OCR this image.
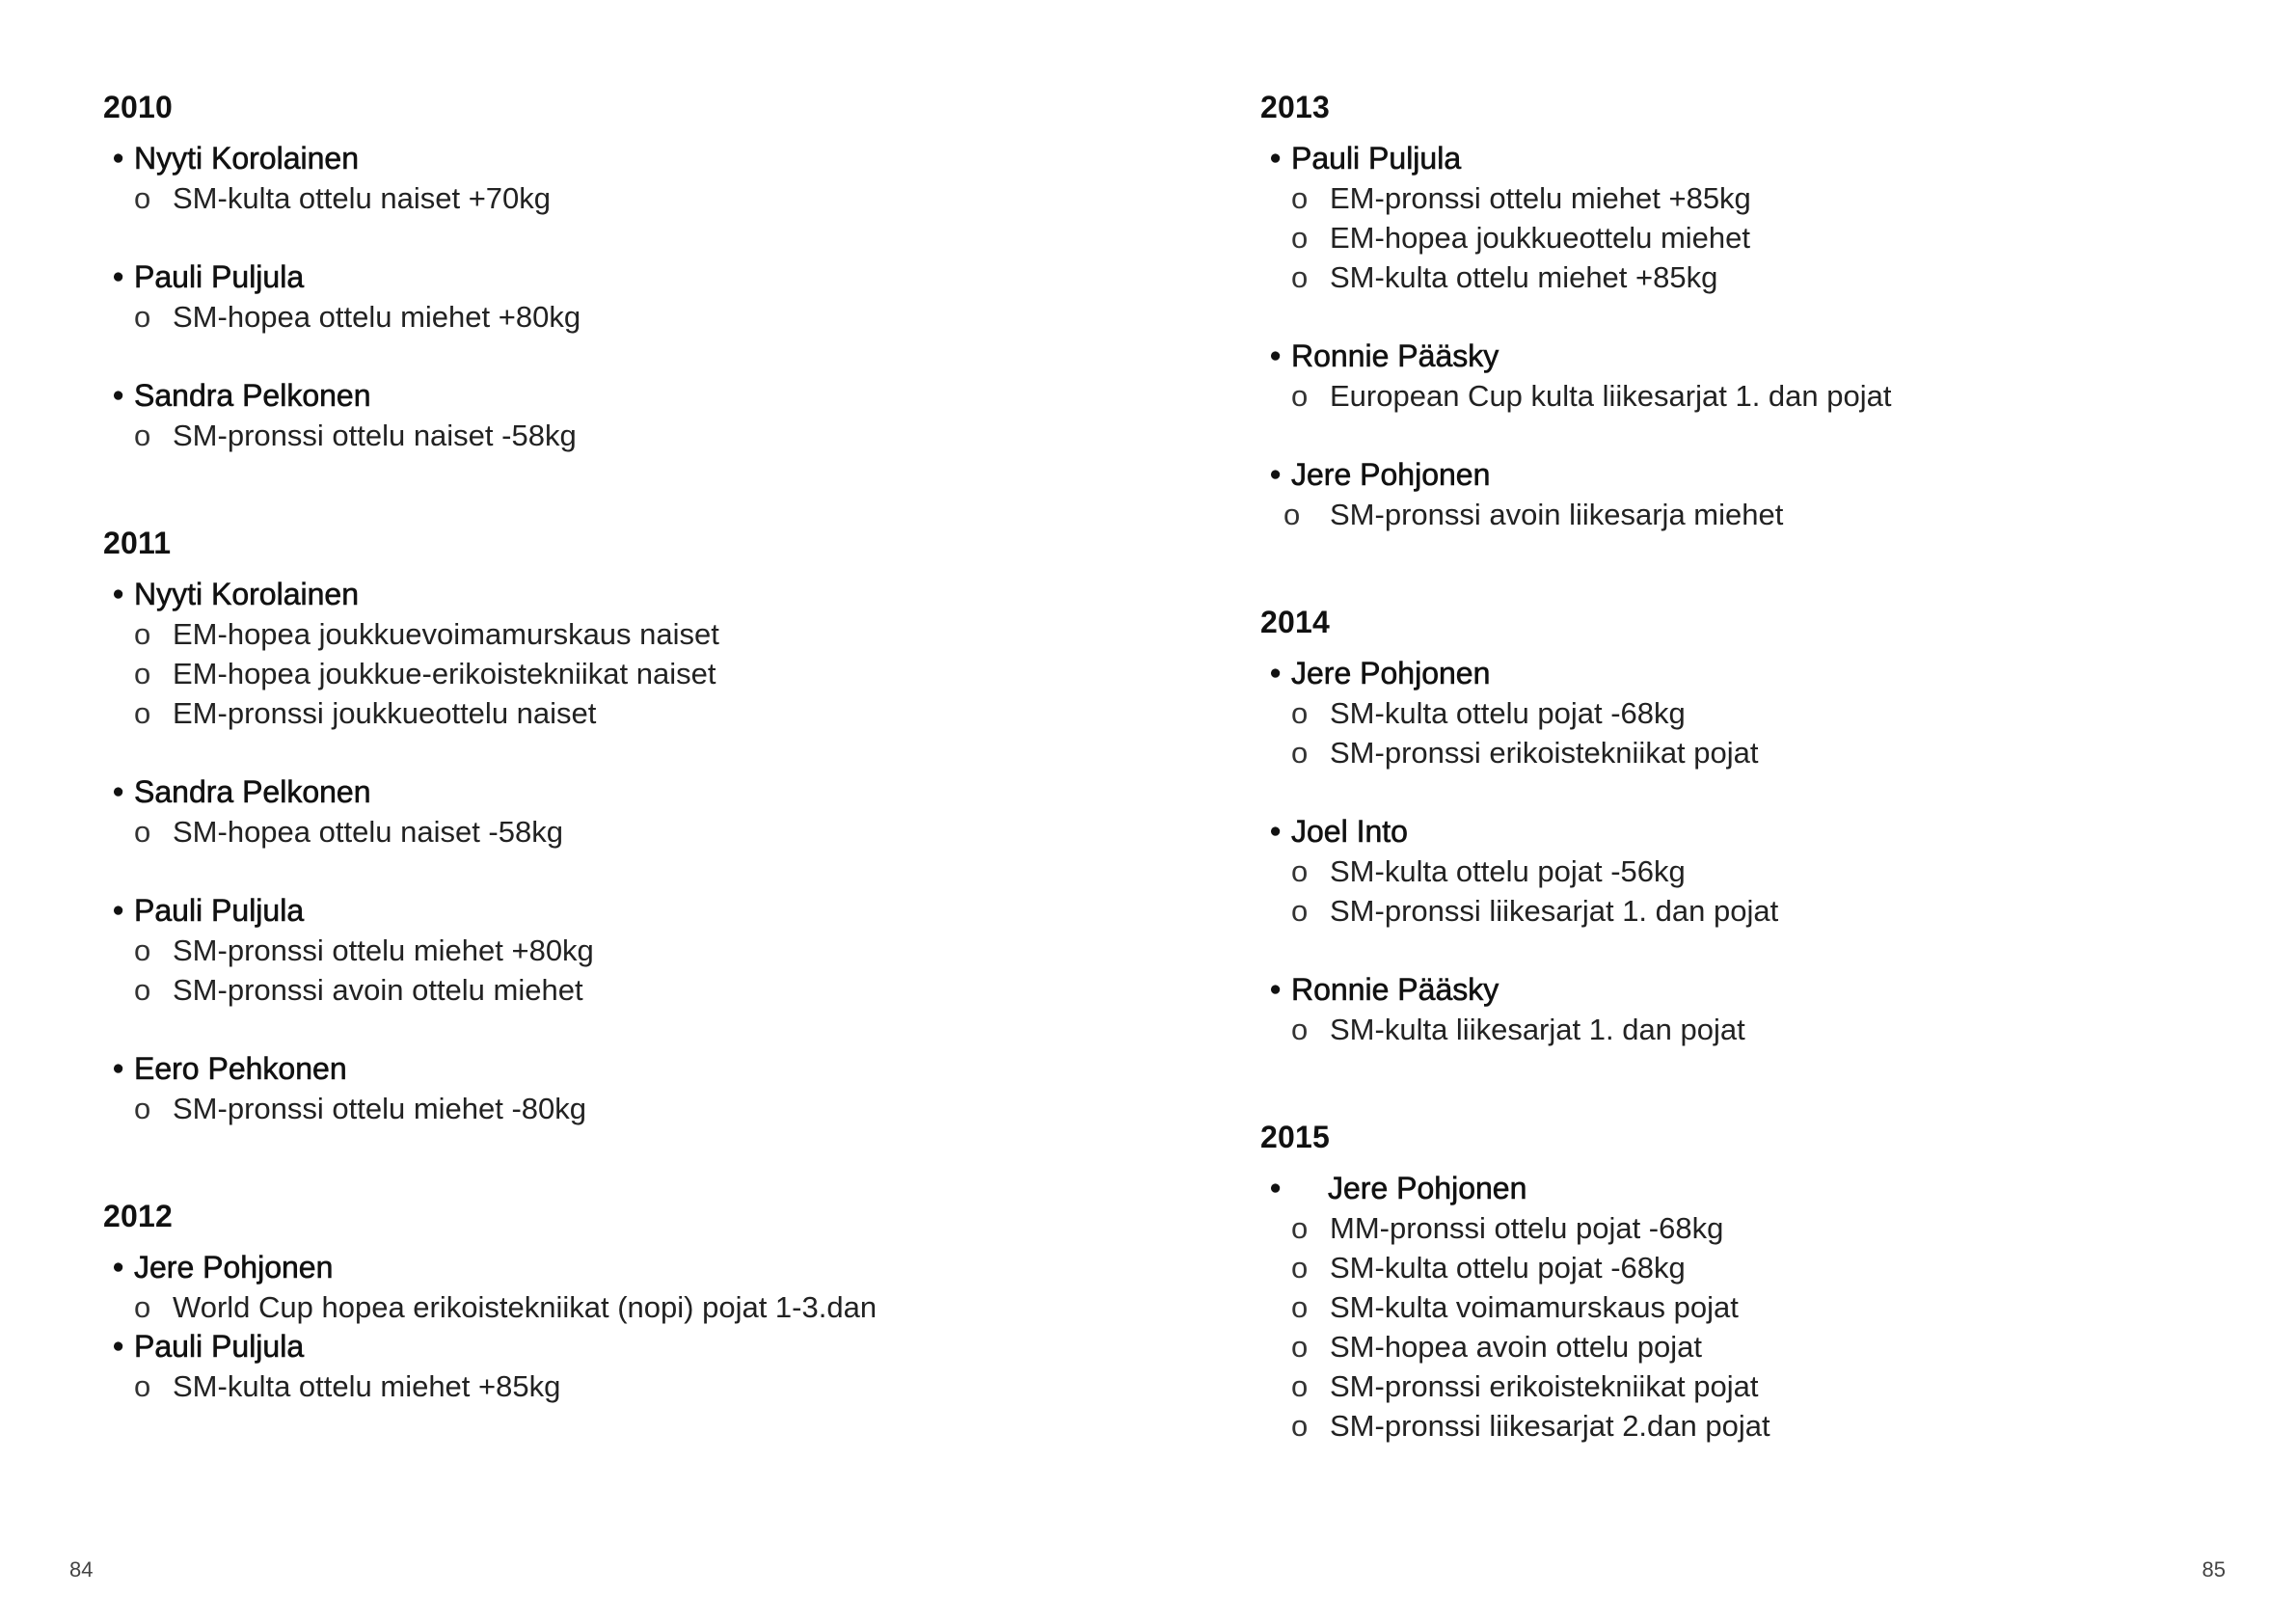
2010
• Nyyti Korolainen
o SM-kulta ottelu naiset +70kg
• Pauli Puljula
o SM-hopea ottelu miehet +80kg
• Sandra Pelkonen
o SM-pronssi ottelu naiset -58kg
2011
• Nyyti Korolainen
o EM-hopea joukkuevoimamurskaus naiset
o EM-hopea joukkue-erikoistekniikat naiset
o EM-pronssi joukkueottelu naiset
• Sandra Pelkonen
o SM-hopea ottelu naiset -58kg
• Pauli Puljula
o SM-pronssi ottelu miehet +80kg
o SM-pronssi avoin ottelu miehet
• Eero Pehkonen
o SM-pronssi ottelu miehet -80kg
2012
• Jere Pohjonen
o World Cup hopea erikoistekniikat (nopi) pojat 1-3.dan
• Pauli Puljula
o SM-kulta ottelu miehet +85kg
84
2013
• Pauli Puljula
o EM-pronssi ottelu miehet +85kg
o EM-hopea joukkueottelu miehet
o SM-kulta ottelu miehet +85kg
• Ronnie Pääsky
o European Cup kulta liikesarjat 1. dan pojat
• Jere Pohjonen
o SM-pronssi avoin liikesarja miehet
2014
• Jere Pohjonen
o SM-kulta ottelu pojat -68kg
o SM-pronssi erikoistekniikat pojat
• Joel Into
o SM-kulta ottelu pojat -56kg
o SM-pronssi liikesarjat 1. dan pojat
• Ronnie Pääsky
o SM-kulta liikesarjat 1. dan pojat
2015
• Jere Pohjonen
o MM-pronssi ottelu pojat -68kg
o SM-kulta ottelu pojat -68kg
o SM-kulta voimamurskaus pojat
o SM-hopea avoin ottelu pojat
o SM-pronssi erikoistekniikat pojat
o SM-pronssi liikesarjat 2.dan pojat
85
